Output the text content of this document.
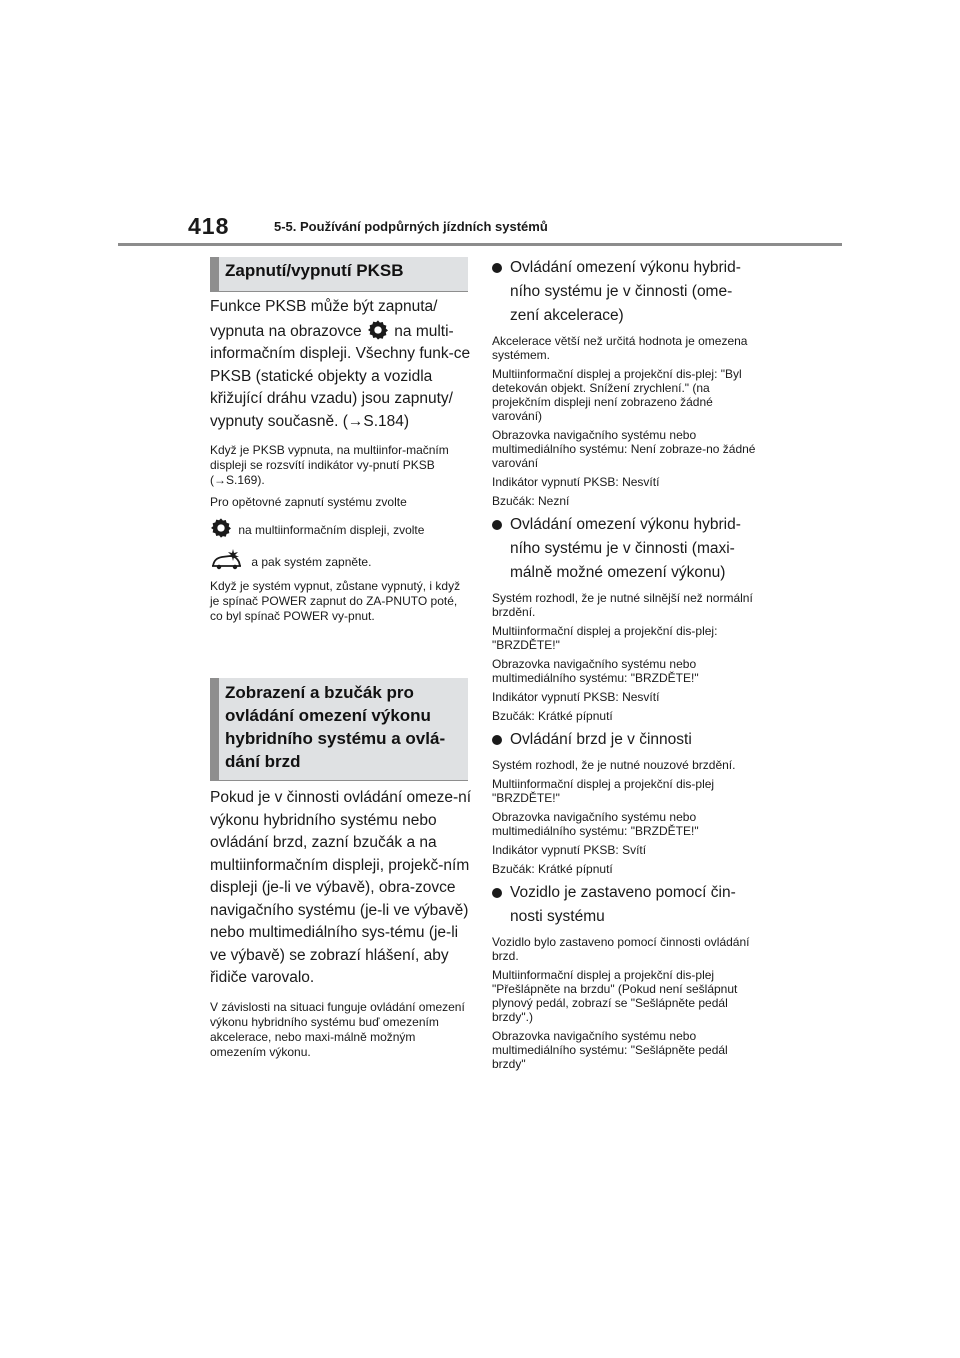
418	5-5. Používání podpůrných jízdních systémů
Zapnutí/vypnutí PKSB

Funkce PKSB může být zapnuta/ vypnuta na obrazovce na multi-informačním displeji. Všechny funk-ce PKSB (statické objekty a vozidla křižující dráhu vzadu) jsou zapnuty/ vypnuty současně. (→S.184)

Když je PKSB vypnuta, na multiinfor-mačním displeji se rozsvítí indikátor vy-pnutí PKSB (→S.169).

Pro opětovné zapnutí systému zvolte

na multiinformačním displeji, zvolte

a pak systém zapněte.

Když je systém vypnut, zůstane vypnutý, i když je spínač POWER zapnut do ZA-PNUTO poté, co byl spínač POWER vy-pnut.

Zobrazení a bzučák pro
ovládání omezení výkonu
hybridního systému a ovlá-
dání brzd

Pokud je v činnosti ovládání omeze-ní výkonu hybridního systému nebo ovládání brzd, zazní bzučák a na multiinformačním displeji, projekč-ním displeji (je-li ve výbavě), obra-zovce navigačního systému (je-li ve výbavě) nebo multimediálního sys-tému (je-li ve výbavě) se zobrazí hlášení, aby řidiče varovalo.

V závislosti na situaci funguje ovládání omezení výkonu hybridního systému buď omezením akcelerace, nebo maxi-málně možným omezením výkonu.

Ovládání omezení výkonu hybrid-ního systému je v činnosti (ome-zení akcelerace)

Akcelerace větší než určitá hodnota je omezena systémem.

Multiinformační displej a projekční dis-plej: "Byl detekován objekt. Snížení zrychlení." (na projekčním displeji není zobrazeno žádné varování)

Obrazovka navigačního systému nebo multimediálního systému: Není zobraze-no žádné varování

Indikátor vypnutí PKSB: Nesvítí

Bzučák: Nezní

Ovládání omezení výkonu hybrid-ního systému je v činnosti (maxi-málně možné omezení výkonu)

Systém rozhodl, že je nutné silnější než normální brzdění.

Multiinformační displej a projekční dis-plej: "BRZDĚTE!"

Obrazovka navigačního systému nebo multimediálního systému: "BRZDĚTE!"

Indikátor vypnutí PKSB: Nesvítí

Bzučák: Krátké pípnutí

Ovládání brzd je v činnosti

Systém rozhodl, že je nutné nouzové brzdění.

Multiinformační displej a projekční dis-plej "BRZDĚTE!"

Obrazovka navigačního systému nebo multimediálního systému: "BRZDĚTE!"

Indikátor vypnutí PKSB: Svítí

Bzučák: Krátké pípnutí

Vozidlo je zastaveno pomocí čin-nosti systému

Vozidlo bylo zastaveno pomocí činnosti ovládání brzd.

Multiinformační displej a projekční dis-plej "Přešlápněte na brzdu" (Pokud není sešlápnut plynový pedál, zobrazí se "Sešlápněte pedál brzdy".)

Obrazovka navigačního systému nebo multimediálního systému: "Sešlápněte pedál brzdy"
